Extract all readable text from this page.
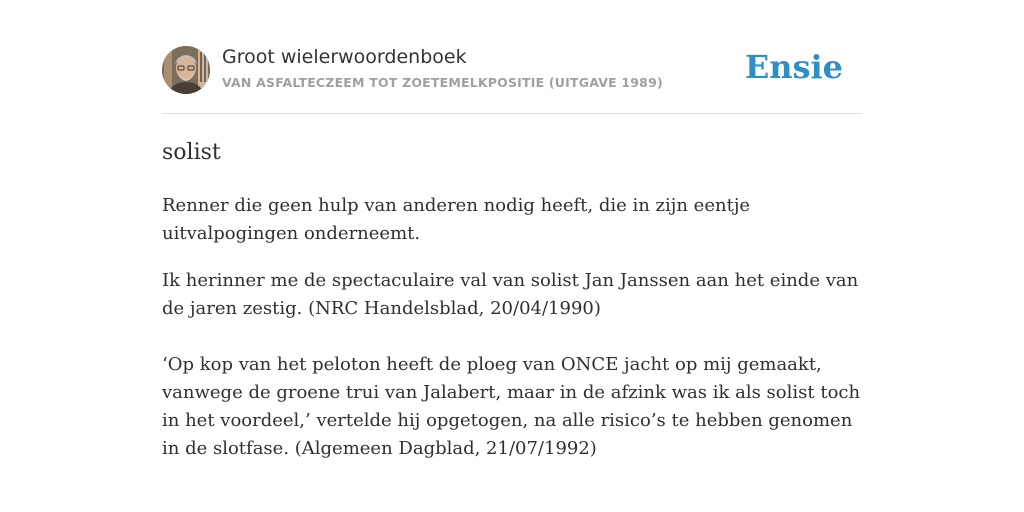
Groot wielerwoordenboek
VAN ASFALTECZEEM TOT ZOETEMELKPOSITIE (UITGAVE 1989)	Ensie
solist
Renner die geen hulp van anderen nodig heeft, die in zijn eentje uitvalpogingen onderneemt.
Ik herinner me de spectaculaire val van solist Jan Janssen aan het einde van de jaren zestig. (NRC Handelsblad, 20/04/1990)
‘Op kop van het peloton heeft de ploeg van ONCE jacht op mij gemaakt, vanwege de groene trui van Jalabert, maar in de afzink was ik als solist toch in het voordeel,’ vertelde hij opgetogen, na alle risico’s te hebben genomen in de slotfase. (Algemeen Dagblad, 21/07/1992)
